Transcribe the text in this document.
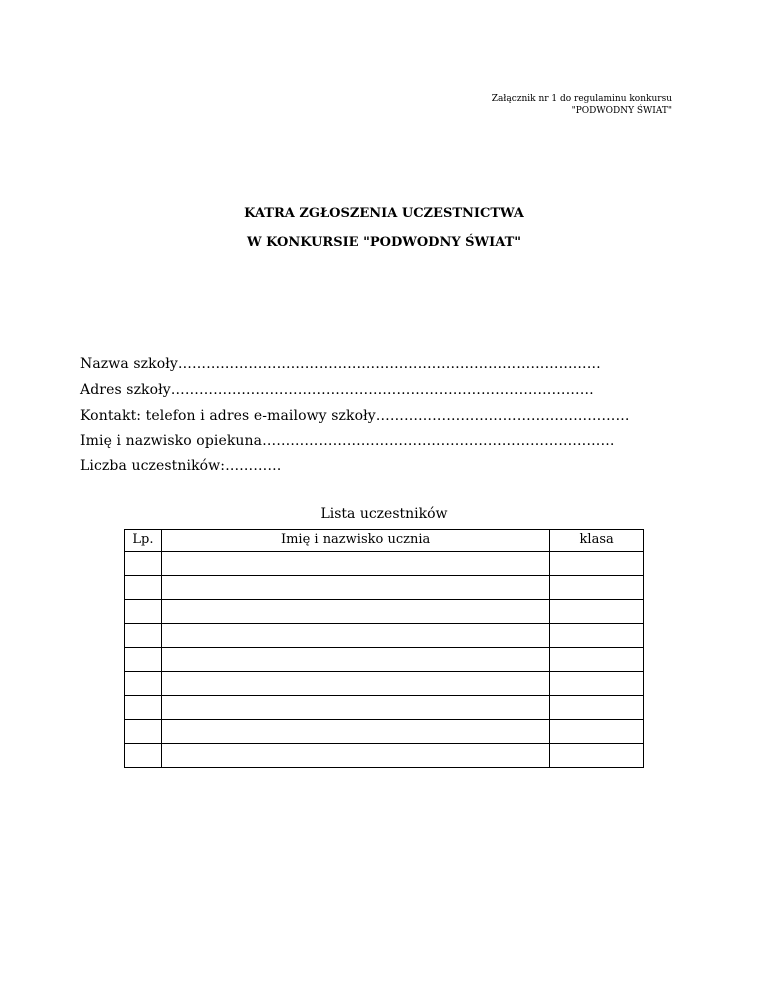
Załącznik nr 1 do regulaminu konkursu
"PODWODNY ŚWIAT"
KATRA ZGŁOSZENIA UCZESTNICTWA
W KONKURSIE "PODWODNY ŚWIAT"
Nazwa szkoły………………………………………………………………………………
Adres szkoły………………………………………………………………………………
Kontakt: telefon i adres e-mailowy szkoły………………………………………………
Imię i nazwisko opiekuna…………………………………………………………………
Liczba uczestników:…………
Lista uczestników
Lp.	Imię i nazwisko ucznia	klasa
